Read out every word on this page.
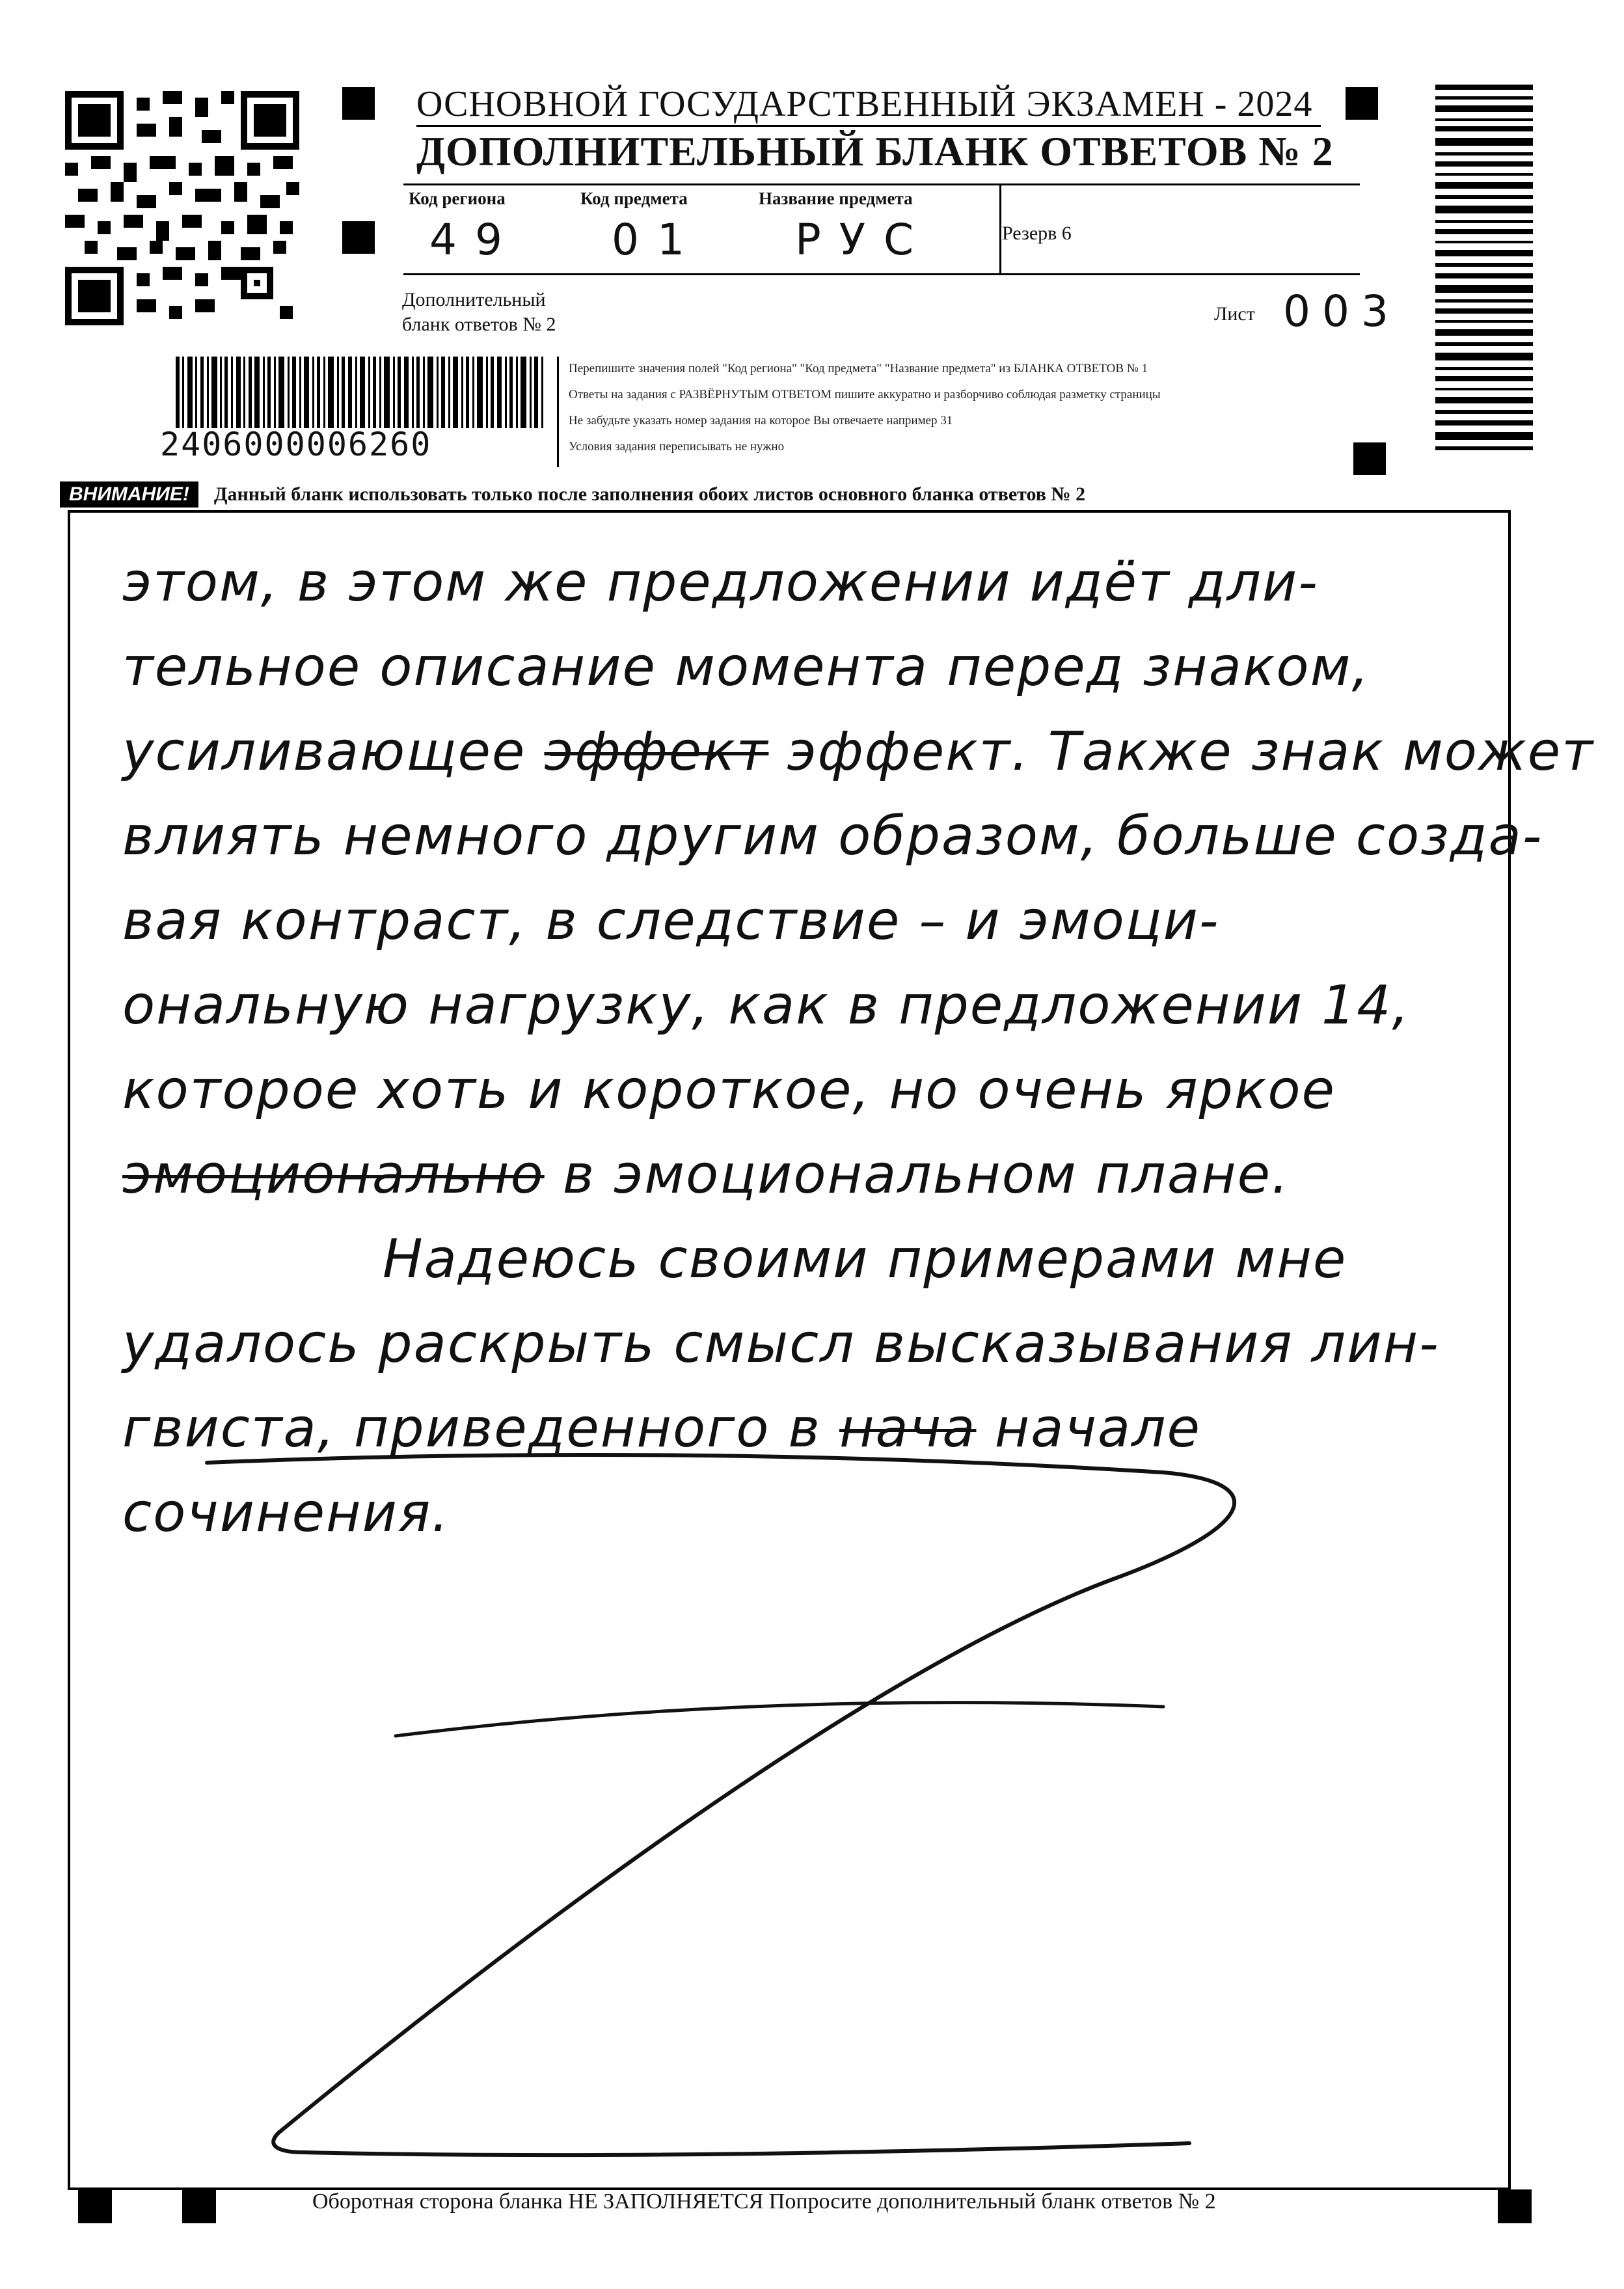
ОСНОВНОЙ ГОСУДАРСТВЕННЫЙ ЭКЗАМЕН - 2024
ДОПОЛНИТЕЛЬНЫЙ БЛАНК ОТВЕТОВ № 2
Код региона
49
Код предмета
01
Название предмета
РУС	Резерв 6
Дополнительный
бланк ответов № 2	Лист 003
2406000006260
Перепишите значения полей "Код региона" "Код предмета" "Название предмета" из БЛАНКА ОТВЕТОВ № 1
Ответы на задания с РАЗВЁРНУТЫМ ОТВЕТОМ пишите аккуратно и разборчиво соблюдая разметку страницы
Не забудьте указать номер задания на которое Вы отвечаете например 31
Условия задания переписывать не нужно
ВНИМАНИЕ!	Данный бланк использовать только после заполнения обоих листов основного бланка ответов № 2
этом, в этом же предложении идёт дли-
тельное описание момента перед знаком,
усиливающее эффект эффект. Также знак может
влиять немного другим образом, больше созда-
вая контраст, в следствие – и эмоци-
ональную нагрузку, как в предложении 14,
которое хоть и короткое, но очень яркое
эмоционально в эмоциональном плане.
Надеюсь своими примерами мне
удалось раскрыть смысл высказывания лин-
гвиста, приведенного в нача начале
сочинения.
Оборотная сторона бланка НЕ ЗАПОЛНЯЕТСЯ Попросите дополнительный бланк ответов № 2
